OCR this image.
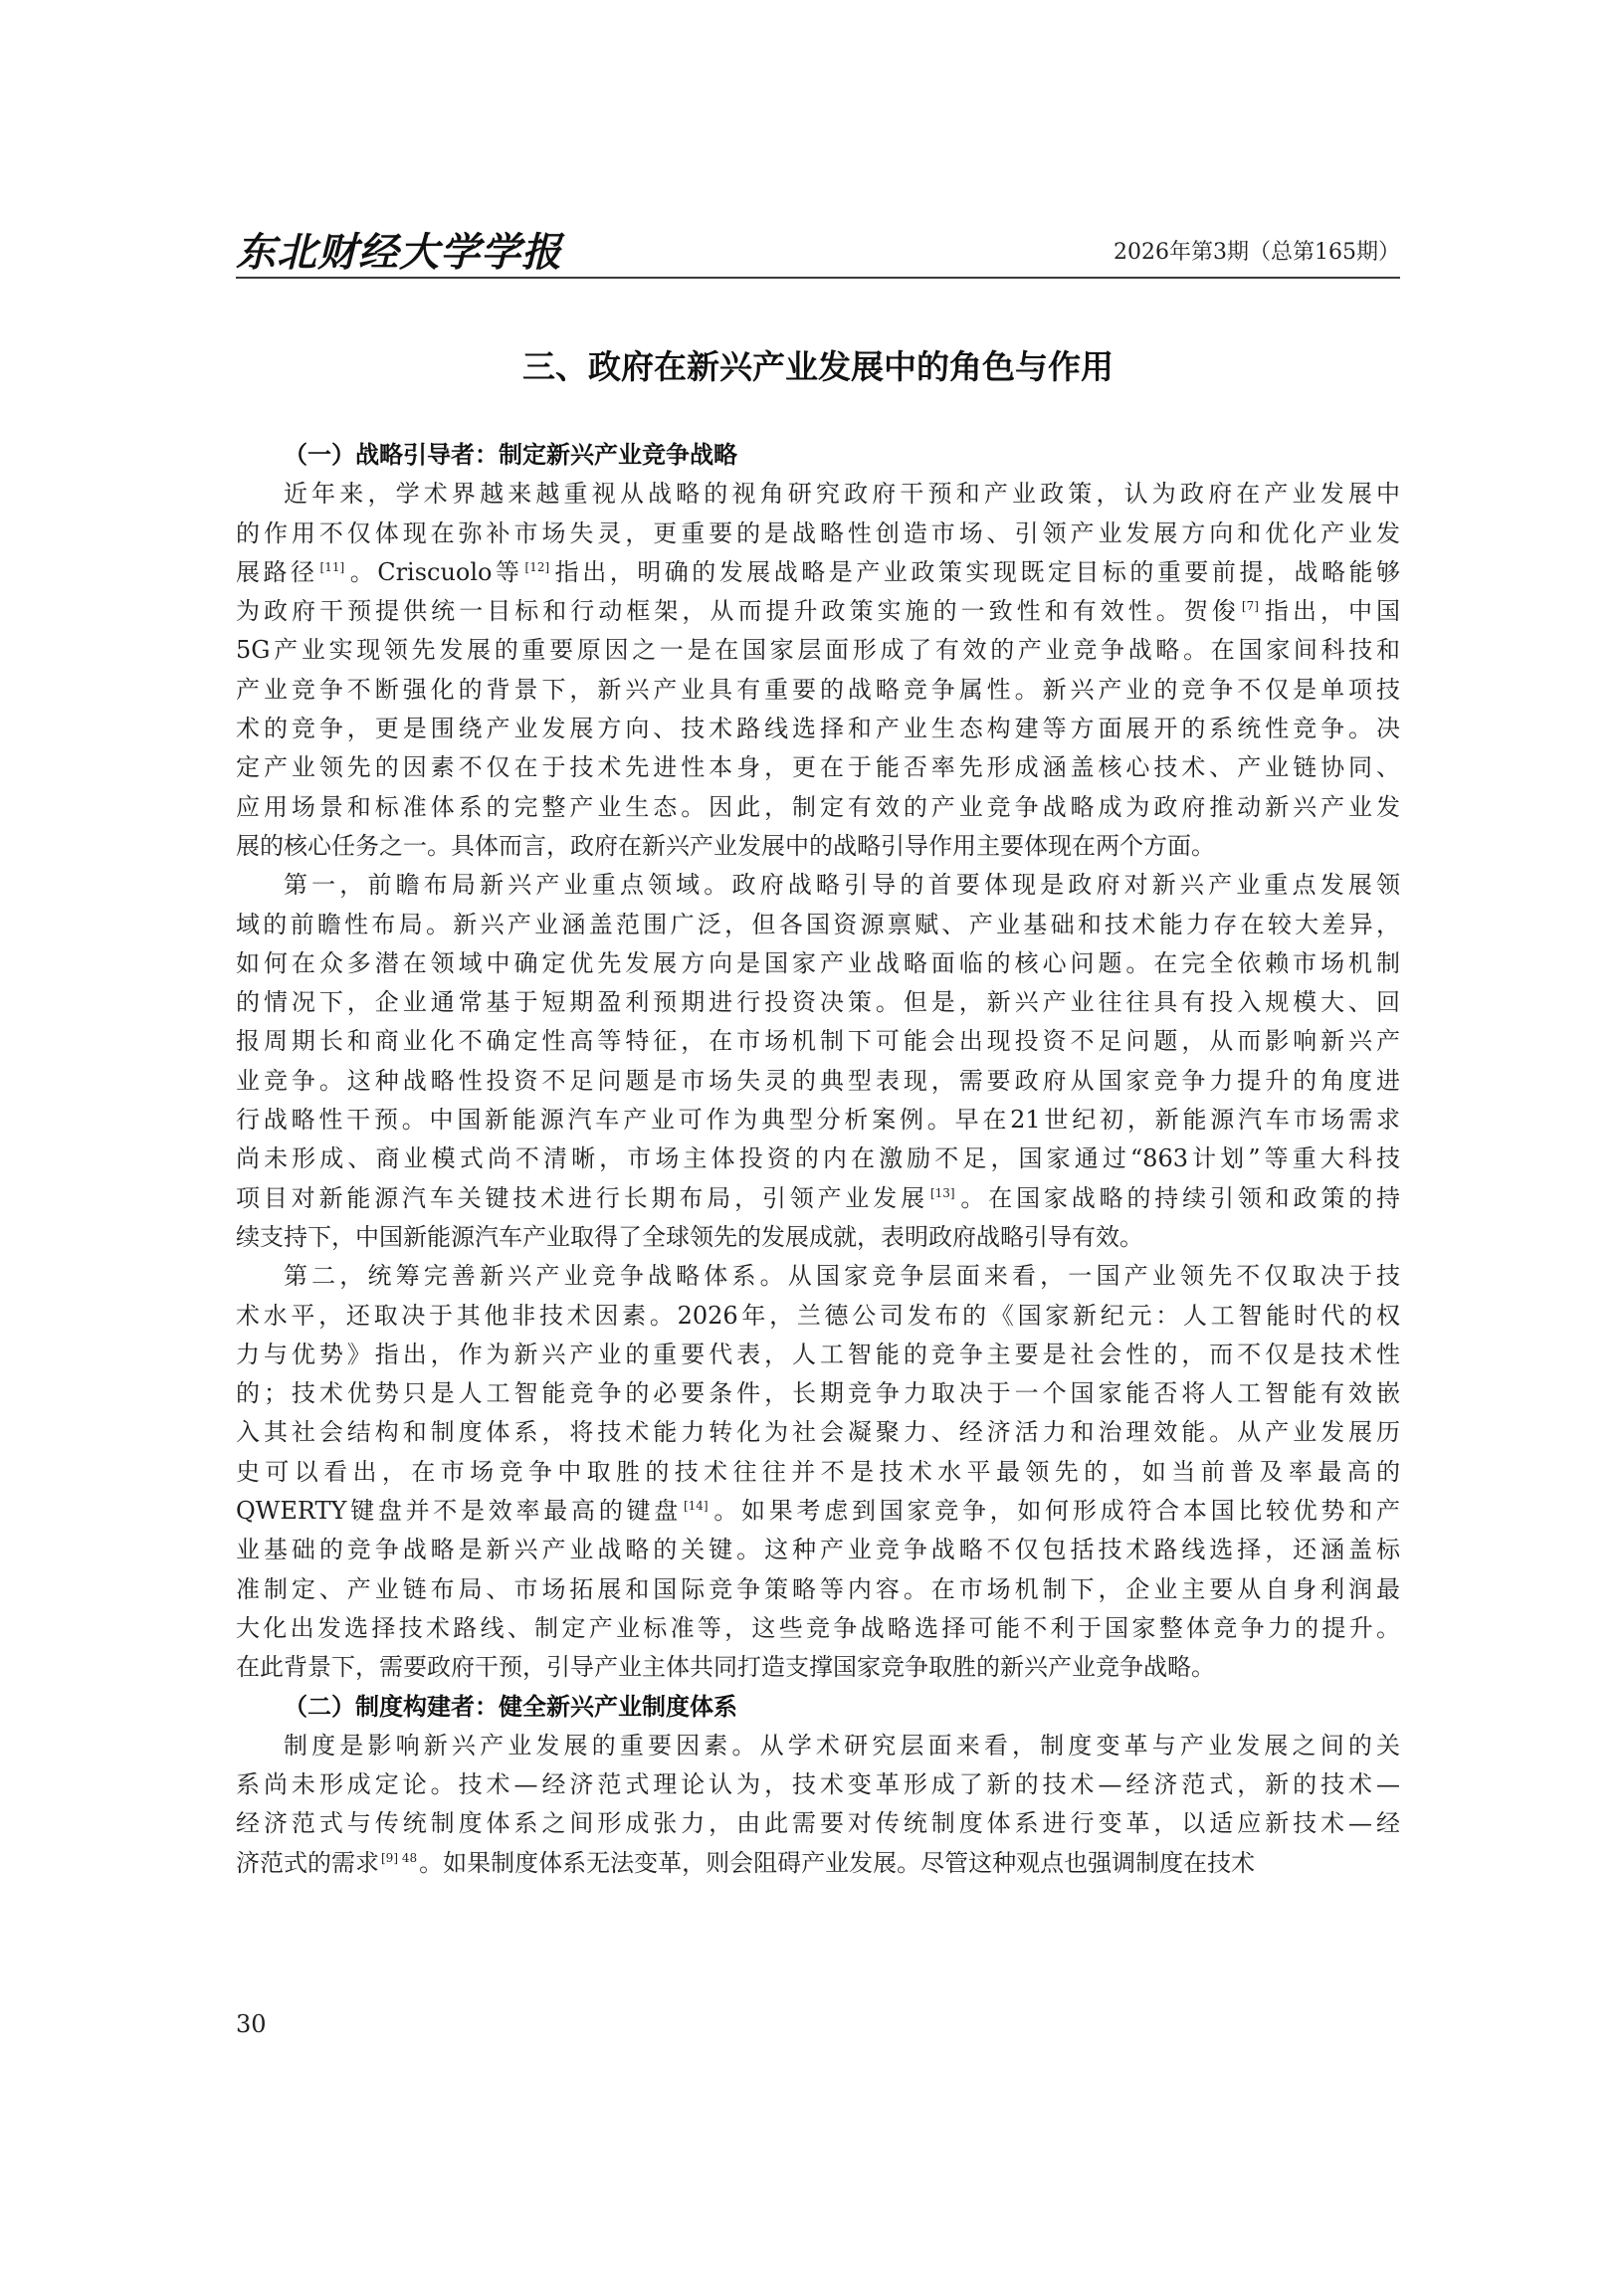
东北财经大学学报	2026年第3期（总第165期）
三、政府在新兴产业发展中的角色与作用
（一）战略引导者：制定新兴产业竞争战略
近年来，学术界越来越重视从战略的视角研究政府干预和产业政策，认为政府在产业发展中
的作用不仅体现在弥补市场失灵，更重要的是战略性创造市场、引领产业发展方向和优化产业发
展路径 [11]。Criscuolo等 [12]指出，明确的发展战略是产业政策实现既定目标的重要前提，战略能够
为政府干预提供统一目标和行动框架，从而提升政策实施的一致性和有效性。贺俊 [7]指出，中国
5G产业实现领先发展的重要原因之一是在国家层面形成了有效的产业竞争战略。在国家间科技和
产业竞争不断强化的背景下，新兴产业具有重要的战略竞争属性。新兴产业的竞争不仅是单项技
术的竞争，更是围绕产业发展方向、技术路线选择和产业生态构建等方面展开的系统性竞争。决
定产业领先的因素不仅在于技术先进性本身，更在于能否率先形成涵盖核心技术、产业链协同、
应用场景和标准体系的完整产业生态。因此，制定有效的产业竞争战略成为政府推动新兴产业发
展的核心任务之一。具体而言，政府在新兴产业发展中的战略引导作用主要体现在两个方面。
第一，前瞻布局新兴产业重点领域。政府战略引导的首要体现是政府对新兴产业重点发展领
域的前瞻性布局。新兴产业涵盖范围广泛，但各国资源禀赋、产业基础和技术能力存在较大差异，
如何在众多潜在领域中确定优先发展方向是国家产业战略面临的核心问题。在完全依赖市场机制
的情况下，企业通常基于短期盈利预期进行投资决策。但是，新兴产业往往具有投入规模大、回
报周期长和商业化不确定性高等特征，在市场机制下可能会出现投资不足问题，从而影响新兴产
业竞争。这种战略性投资不足问题是市场失灵的典型表现，需要政府从国家竞争力提升的角度进
行战略性干预。中国新能源汽车产业可作为典型分析案例。早在21世纪初，新能源汽车市场需求
尚未形成、商业模式尚不清晰，市场主体投资的内在激励不足，国家通过“863计划”等重大科技
项目对新能源汽车关键技术进行长期布局，引领产业发展 [13]。在国家战略的持续引领和政策的持
续支持下，中国新能源汽车产业取得了全球领先的发展成就，表明政府战略引导有效。
第二，统筹完善新兴产业竞争战略体系。从国家竞争层面来看，一国产业领先不仅取决于技
术水平，还取决于其他非技术因素。2026年，兰德公司发布的《国家新纪元：人工智能时代的权
力与优势》指出，作为新兴产业的重要代表，人工智能的竞争主要是社会性的，而不仅是技术性
的；技术优势只是人工智能竞争的必要条件，长期竞争力取决于一个国家能否将人工智能有效嵌
入其社会结构和制度体系，将技术能力转化为社会凝聚力、经济活力和治理效能。从产业发展历
史可以看出，在市场竞争中取胜的技术往往并不是技术水平最领先的，如当前普及率最高的
QWERTY键盘并不是效率最高的键盘 [14]。如果考虑到国家竞争，如何形成符合本国比较优势和产
业基础的竞争战略是新兴产业战略的关键。这种产业竞争战略不仅包括技术路线选择，还涵盖标
准制定、产业链布局、市场拓展和国际竞争策略等内容。在市场机制下，企业主要从自身利润最
大化出发选择技术路线、制定产业标准等，这些竞争战略选择可能不利于国家整体竞争力的提升。
在此背景下，需要政府干预，引导产业主体共同打造支撑国家竞争取胜的新兴产业竞争战略。
（二）制度构建者：健全新兴产业制度体系
制度是影响新兴产业发展的重要因素。从学术研究层面来看，制度变革与产业发展之间的关
系尚未形成定论。技术—经济范式理论认为，技术变革形成了新的技术—经济范式，新的技术—
经济范式与传统制度体系之间形成张力，由此需要对传统制度体系进行变革，以适应新技术—经
济范式的需求 $^{[9] 48}$。如果制度体系无法变革，则会阻碍产业发展。尽管这种观点也强调制度在技术
30
